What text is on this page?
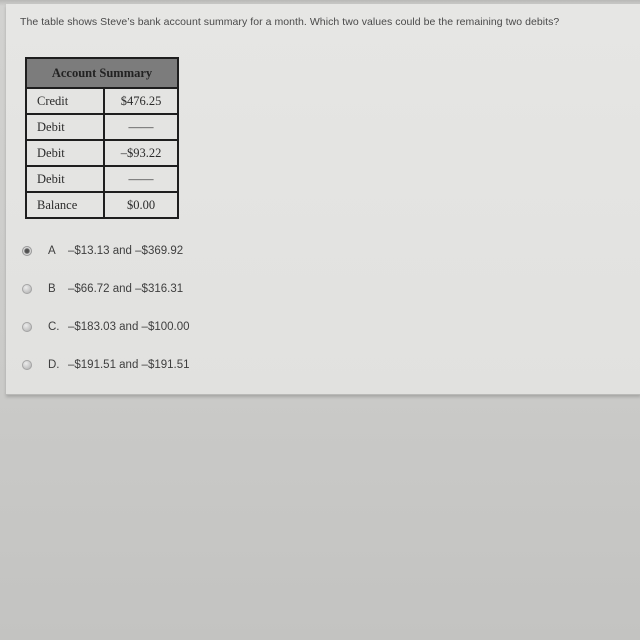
The table shows Steve’s bank account summary for a month. Which two values could be the remaining two debits?
Account Summary	
Credit	$476.25
Debit	——
Debit	–$93.22
Debit	——
Balance	$0.00
A	–$13.13 and –$369.92
B	–$66.72 and –$316.31
C. –$183.03 and –$100.00
D. –$191.51 and –$191.51
